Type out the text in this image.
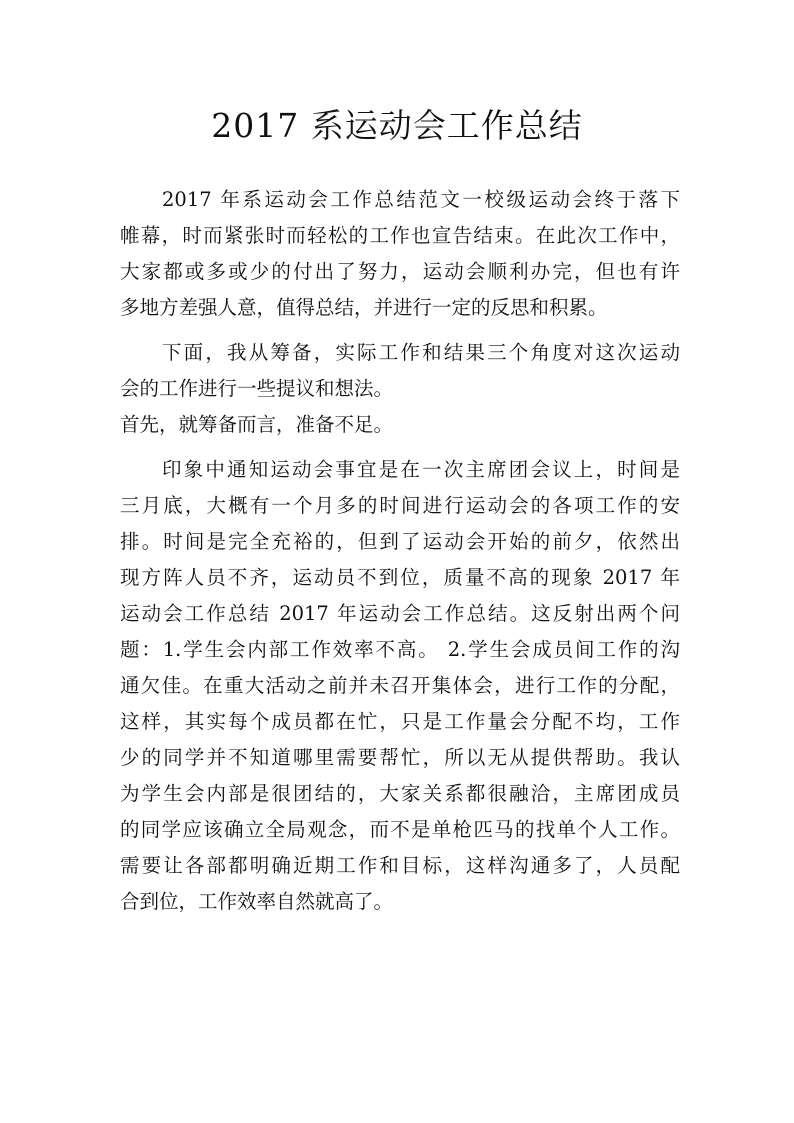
2017 系运动会工作总结
2017 年系运动会工作总结范文一校级运动会终于落下
帷幕，时而紧张时而轻松的工作也宣告结束。在此次工作中，
大家都或多或少的付出了努力，运动会顺利办完，但也有许
多地方差强人意，值得总结，并进行一定的反思和积累。
下面，我从筹备，实际工作和结果三个角度对这次运动
会的工作进行一些提议和想法。
首先，就筹备而言，准备不足。
印象中通知运动会事宜是在一次主席团会议上，时间是
三月底，大概有一个月多的时间进行运动会的各项工作的安
排。时间是完全充裕的，但到了运动会开始的前夕，依然出
现方阵人员不齐，运动员不到位，质量不高的现象 2017 年
运动会工作总结 2017 年运动会工作总结。这反射出两个问
题：1.学生会内部工作效率不高。 2.学生会成员间工作的沟
通欠佳。在重大活动之前并未召开集体会，进行工作的分配，
这样，其实每个成员都在忙，只是工作量会分配不均，工作
少的同学并不知道哪里需要帮忙，所以无从提供帮助。我认
为学生会内部是很团结的，大家关系都很融洽，主席团成员
的同学应该确立全局观念，而不是单枪匹马的找单个人工作。
需要让各部都明确近期工作和目标，这样沟通多了，人员配
合到位，工作效率自然就高了。
